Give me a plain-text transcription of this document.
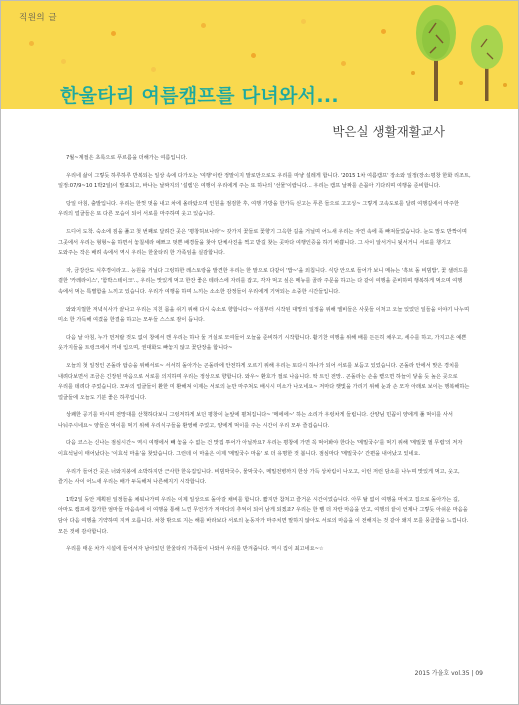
직원의 글
한울타리 여름캠프를 다녀와서...
박은실 생활재활교사

7월~계절은 초록으로 푸르름을 더해가는 여름입니다.

우리네 삶이 그렇듯 하루하루 반복되는 일상 속에 다가오는 '여행'이란 정말이지 말로만으로도 우리를 마냥 설레게 합니다. '2015 1차 여름캠프' 장소와 일정(장소:평창 한화 리조트, 일정:07/9~10 1박2일)이 발표되고, 바나는 날짜지의 '설렘'은 여행이 우리에게 주는 또 하나의 '선물'이랍니다... 우리는 캠프 날짜를 손꼽아 기다리며 여행을 준비합니다.

당일 아침, 출발입니다. 우리는 한껏 멋을 내고 차에 올라탔으며 인원을 점검한 후, 여행 가방을 한가득 싣고는 푸른 들으로 고고싱~ 그렇게 고속도로를 달려 여행길에서 마주한 우리의 얼굴들은 또 다른 모습이 되어 서로를 마주하며 웃고 있습니다.

드디어 도착. 숙소에 짐을 풀고 첫 번째로 달려간 곳은 '평창허브나라'~ 갖가지 꽃들로 꽃향기 그윽한 길을 거닐며 어느새 우리는 자연 속에 푹 빠져들었습니다. 눈도 맘도 반짝이며 그곳에서 우리는 형형~을 하면서 놓칠세라 예쁘고 멋쁜 배경들을 찾아 단체사진을 찍고 받길 찾는 곳마다 여행인증을 하기 바쁩니다. 그 사이 알서거니 뒷서거니 서로를 챙기고 도와주는 작은 배려 속에서 역시 우리는 한울타리 한 가족임을 실감합니다.

자, 금강산도 식후경이라고.. 능원을 거닐다 그렁하한 레스토랑을 발견한 우리는 한 말으로 다같이 '밥~'을 외칩니다. 식당 안으로 들어가 보니 메뉴는 '흑브 돌 비빔밥', 꽃 샐러드를 곁한 '카레라이스', '함박스테이크'.., 우리는 맛있게 먹고 한잔 좋은 테라스에 자리를 잡고, 각자 먹고 싶은 메뉴를 골라 주문을 하고는 다 같이 여행을 준비하며 행복하게 먹으며 여행 속에서 먹는 특별함을 느끼고 있습니다. 우리가 여행을 하며 느끼는 소소한 감정들이 우리에게 기억되는 소중한 시간들입니다.

와와지껄한 저녁식사가 끝나고 우리는 지친 몸을 쉬기 위해 다시 숙소로 향합니다~ 아침부터 시작된 대망의 일정을 위해 엘비들은 사뭇들 이처고 오늘 있었던 일들을 이야기 나누며 미소 한 가득해 여겼을 한결을 하고는 모두들 스스로 잠이 듭니다.

다음 날 아침, 누가 먼저랄 것도 없이 창에서 깬 우리는 하나 둘 거실로 모여들어 오늘을 준비하기 시작합니다. 활기찬 여행을 위해 배를 든든히 채우고, 세수를 하고, 가지고온 예쁜 옷가지들을 트렁크에서 꺼내 입으며, 권대화도 빠놓지 않고 꽃단장을 합니다~

오늘의 첫 일정인 곤돌라 탑승을 위해서로~ 서서히 돌아가는 곤돌라에 안전하게 오르기 위해 우리는 또다시 하나가 되어 서로를 보듬고 있었습니다. 곤돌라 안에서 맞은 경치를 내려다보면서 조금은 긴장된 마음으로 서로를 의지하며 우리는 정상으로 향합니다. 와우~ 환호가 절로 나옵니다. 딱 트인 전망.. 곤돌라는 손을 뻗으면 하늘이 닿을 듯 높은 곳으로 우리를 데려다 주었습니다. 모두의 얼굴들이 환한 미 환해져 이제는 서로의 눈만 마주쳐도 배시시 미소가 나오네요~ 저마다 햇빛을 가리기 위해 눈과 손 모자 아래로 보이는 행복해하는 얼굴들에 오늘도 기분 좋은 하루입니다.

상쾌한 공기를 마시며 전망대를 산책하다보니 그렁저하게 보던 평창이 눈앞에 펼쳐집니다~ '메에에~' 하는 소리가 우렁차게 들립니다. 산양님 민꼽이 양에게 풀 먹이를 사서 나눠주시네요~ 양들은 먹이를 먹기 위해 우리식구들을 환영해 주었고, 양에게 먹이를 주는 시간이 우리 모두 즐겁습니다.

다음 코스는 신나는 점심시간~ 역시 여행에서 빼 놓을 수 없는 건 맛집 투어가 아닐까요? 우리는 평창에 가면 꼭 먹어봐야 한다는 '메밀국수'를 먹기 위해 '메밀꽃 필 무렵'의 저자 이효석님이 태어났다는 '이효석 마을'을 찾았습니다. 그런데 이 마을은 이제 '메밀국수 마을' 로 더 유명한 것 봅니다. 점심마다 '메밀국수' 간편을 내어났고 있네요.

우리가 들어간 곳은 너와지붕에 소박하지만 근사한 한옥집입니다. 비빔막국수, 물막국수, 메밀전병까지 한상 가득 상차림이 나오고, 이런 저런 담소를 나누며 맛있게 먹고, 웃고, 즐기는 사이 어느새 우리는 배가 두둑해져 나른해지기 시작합니다.

1박2일 동안 계획된 일정들을 채워나가며 우리는 이제 일상으로 돌아갈 채비를 합니다. 짧지만 참처고 즐거운 시간이었습니다. 아무 탈 없이 여행을 마치고 집으로 돌아가는 길, 아마도 캠프에 참가한 엄마들 마음속에 이 여행을 통해 느낀 무언가가 저마다의 추억이 되어 남게 되겠죠? 우리는 한 뼘 더 자란 마음을 안고, 여행의 끝이 언제나 그렇듯 아쉬운 마음을 담아 다음 여행을 기약하며 지켜 오릅니다. 차창 밖으로 지는 해를 바라보다 서로의 눈동자가 마주치면 말하지 않아도 서로의 마음을 이 전해지는 것 같아 왜지 모를 뭉클함을 느낍니다. 모든 것에 감사합니다.

우리를 태운 차가 시설에 들어서자 남아있던 한울타리 가족들이 나와서 우리를 반겨줍니다. 역시 집이 최고네요~☆

2015 가을호 vol.35 | 09
